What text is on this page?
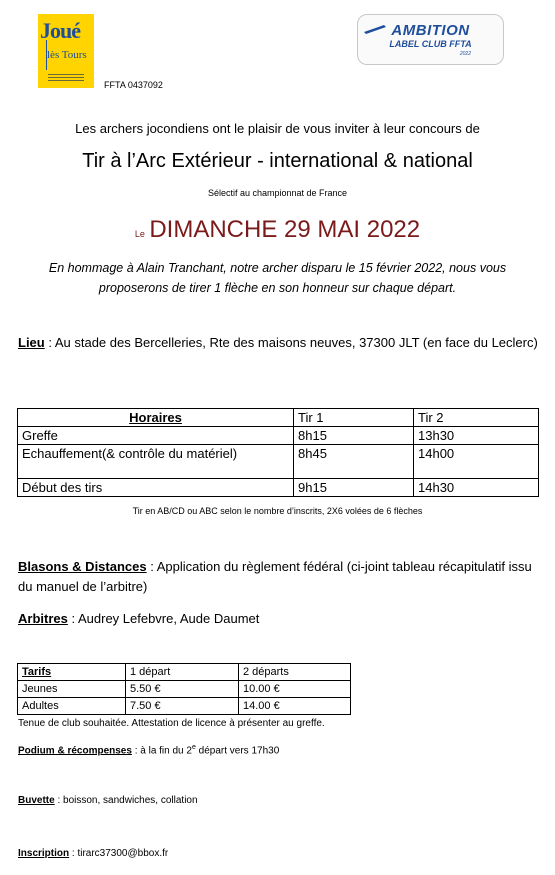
Joué
lès Tours
FFTA 0437092
AMBITION
LABEL CLUB FFTA
2022
Les archers jocondiens ont le plaisir de vous inviter à leur concours de
Tir à l’Arc Extérieur - international & national
Sélectif au championnat de France
Le DIMANCHE 29 MAI 2022
En hommage à Alain Tranchant, notre archer disparu le 15 février 2022, nous vous
proposerons de tirer 1 flèche en son honneur sur chaque départ.
Lieu : Au stade des Bercelleries, Rte des maisons neuves, 37300 JLT (en face du Leclerc)
Horaires	Tir 1	Tir 2
Greffe	8h15	13h30
Echauffement(& contrôle du matériel)	8h45	14h00
Début des tirs	9h15	14h30
Tir en AB/CD ou ABC selon le nombre d’inscrits, 2X6 volées de 6 flèches
Blasons & Distances : Application du règlement fédéral (ci-joint tableau récapitulatif issu du manuel de l’arbitre)
Arbitres : Audrey Lefebvre, Aude Daumet
Tarifs	1 départ	2 départs
Jeunes	5.50 €	10.00 €
Adultes	7.50 €	14.00 €
Tenue de club souhaitée. Attestation de licence à présenter au greffe.
Podium & récompenses : à la fin du 2e départ vers 17h30
Buvette : boisson, sandwiches, collation
Inscription : tirarc37300@bbox.fr
